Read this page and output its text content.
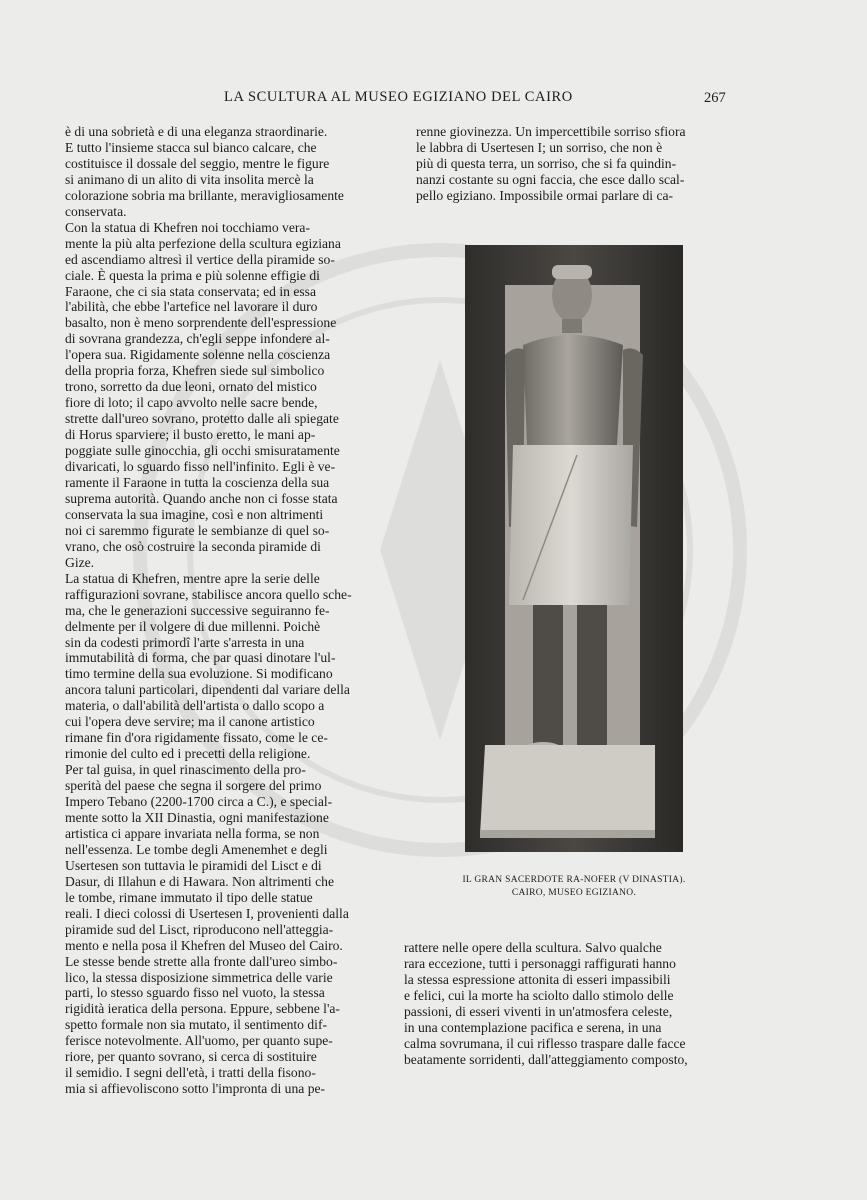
LA SCULTURA AL MUSEO EGIZIANO DEL CAIRO	267

è di una sobrietà e di una eleganza straordinarie.
E tutto l'insieme stacca sul bianco calcare, che
costituisce il dossale del seggio, mentre le figure
si animano di un alito di vita insolita mercè la
colorazione sobria ma brillante, meravigliosamente
conservata.

Con la statua di Khefren noi tocchiamo vera-
mente la più alta perfezione della scultura egiziana
ed ascendiamo altresì il vertice della piramide so-
ciale. È questa la prima e più solenne effigie di
Faraone, che ci sia stata conservata; ed in essa
l'abilità, che ebbe l'artefice nel lavorare il duro
basalto, non è meno sorprendente dell'espressione
di sovrana grandezza, ch'egli seppe infondere al-
l'opera sua. Rigidamente solenne nella coscienza
della propria forza, Khefren siede sul simbolico
trono, sorretto da due leoni, ornato del mistico
fiore di loto; il capo avvolto nelle sacre bende,
strette dall'ureo sovrano, protetto dalle ali spiegate
di Horus sparviere; il busto eretto, le mani ap-
poggiate sulle ginocchia, gli occhi smisuratamente
divaricati, lo sguardo fisso nell'infinito. Egli è ve-
ramente il Faraone in tutta la coscienza della sua
suprema autorità. Quando anche non ci fosse stata
conservata la sua imagine, così e non altrimenti
noi ci saremmo figurate le sembianze di quel so-
vrano, che osò costruire la seconda piramide di
Gize.

La statua di Khefren, mentre apre la serie delle
raffigurazioni sovrane, stabilisce ancora quello sche-
ma, che le generazioni successive seguiranno fe-
delmente per il volgere di due millenni. Poichè
sin da codesti primordî l'arte s'arresta in una
immutabilità di forma, che par quasi dinotare l'ul-
timo termine della sua evoluzione. Si modificano
ancora taluni particolari, dipendenti dal variare della
materia, o dall'abilità dell'artista o dallo scopo a
cui l'opera deve servire; ma il canone artistico
rimane fin d'ora rigidamente fissato, come le ce-
rimonie del culto ed i precetti della religione.

Per tal guisa, in quel rinascimento della pro-
sperità del paese che segna il sorgere del primo
Impero Tebano (2200-1700 circa a C.), e special-
mente sotto la XII Dinastia, ogni manifestazione
artistica ci appare invariata nella forma, se non
nell'essenza. Le tombe degli Amenemhet e degli
Usertesen son tuttavia le piramidi del Lisct e di
Dasur, di Illahun e di Hawara. Non altrimenti che
le tombe, rimane immutato il tipo delle statue
reali. I dieci colossi di Usertesen I, provenienti dalla
piramide sud del Lisct, riproducono nell'atteggia-
mento e nella posa il Khefren del Museo del Cairo.
Le stesse bende strette alla fronte dall'ureo simbo-
lico, la stessa disposizione simmetrica delle varie
parti, lo stesso sguardo fisso nel vuoto, la stessa
rigidità ieratica della persona. Eppure, sebbene l'a-
spetto formale non sia mutato, il sentimento dif-
ferisce notevolmente. All'uomo, per quanto supe-
riore, per quanto sovrano, si cerca di sostituire
il semidio. I segni dell'età, i tratti della fisono-
mia si affievoliscono sotto l'impronta di una pe-

renne giovinezza. Un impercettibile sorriso sfiora
le labbra di Usertesen I; un sorriso, che non è
più di questa terra, un sorriso, che si fa quindin-
nanzi costante su ogni faccia, che esce dallo scal-
pello egiziano. Impossibile ormai parlare di ca-

IL GRAN SACERDOTE RA-NOFER (V DINASTIA).
CAIRO, MUSEO EGIZIANO.

rattere nelle opere della scultura. Salvo qualche
rara eccezione, tutti i personaggi raffigurati hanno
la stessa espressione attonita di esseri impassibili
e felici, cui la morte ha sciolto dallo stimolo delle
passioni, di esseri viventi in un'atmosfera celeste,
in una contemplazione pacifica e serena, in una
calma sovrumana, il cui riflesso traspare dalle facce
beatamente sorridenti, dall'atteggiamento composto,
